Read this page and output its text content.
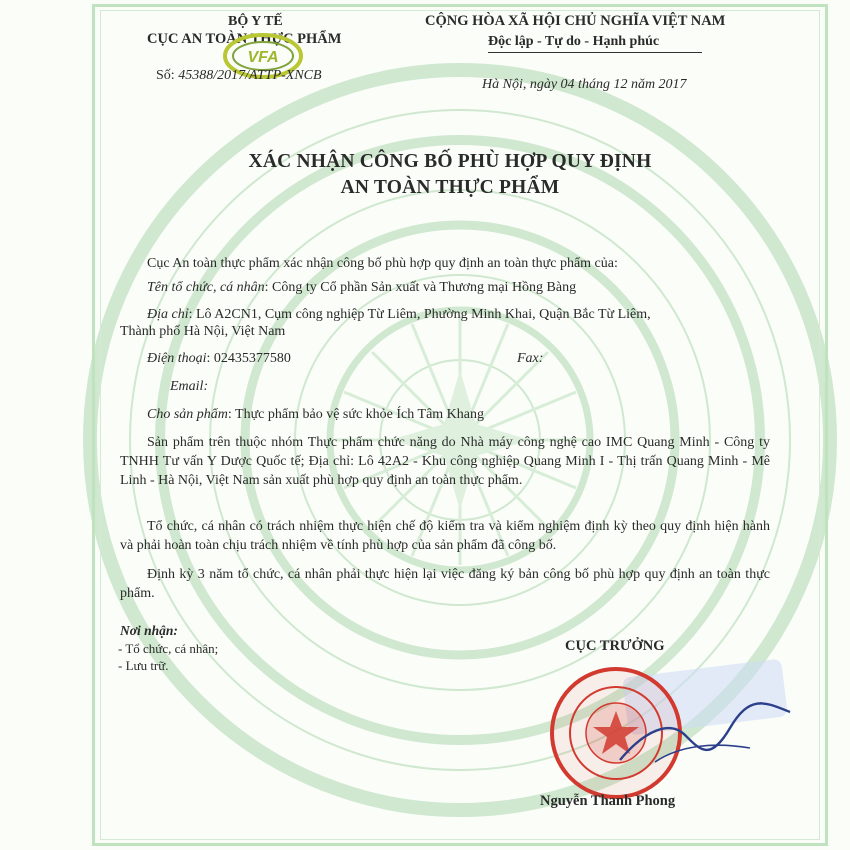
BỘ Y TẾ
CỤC AN TOÀN THỰC PHẨM
VFA
Số: 45388/2017/ATTP-XNCB
CỘNG HÒA XÃ HỘI CHỦ NGHĨA VIỆT NAM
Độc lập - Tự do - Hạnh phúc
Hà Nội, ngày 04 tháng 12 năm 2017
XÁC NHẬN CÔNG BỐ PHÙ HỢP QUY ĐỊNH
AN TOÀN THỰC PHẨM
Cục An toàn thực phẩm xác nhận công bố phù hợp quy định an toàn thực phẩm của:
Tên tổ chức, cá nhân: Công ty Cổ phần Sản xuất và Thương mại Hồng Bàng
Địa chỉ: Lô A2CN1, Cụm công nghiệp Từ Liêm, Phường Minh Khai, Quận Bắc Từ Liêm,
Thành phố Hà Nội, Việt Nam
Điện thoại: 02435377580	Fax:
Email:
Cho sản phẩm: Thực phẩm bảo vệ sức khỏe Ích Tâm Khang
Sản phẩm trên thuộc nhóm Thực phẩm chức năng do Nhà máy công nghệ cao IMC Quang Minh - Công ty TNHH Tư vấn Y Dược Quốc tế; Địa chỉ: Lô 42A2 - Khu công nghiệp Quang Minh I - Thị trấn Quang Minh - Mê Linh - Hà Nội, Việt Nam sản xuất phù hợp quy định an toàn thực phẩm.
Tổ chức, cá nhân có trách nhiệm thực hiện chế độ kiểm tra và kiểm nghiệm định kỳ theo quy định hiện hành và phải hoàn toàn chịu trách nhiệm về tính phù hợp của sản phẩm đã công bố.
Định kỳ 3 năm tổ chức, cá nhân phải thực hiện lại việc đăng ký bản công bố phù hợp quy định an toàn thực phẩm.
Nơi nhận:
- Tổ chức, cá nhân;
- Lưu trữ.
CỤC TRƯỞNG
Nguyễn Thanh Phong
